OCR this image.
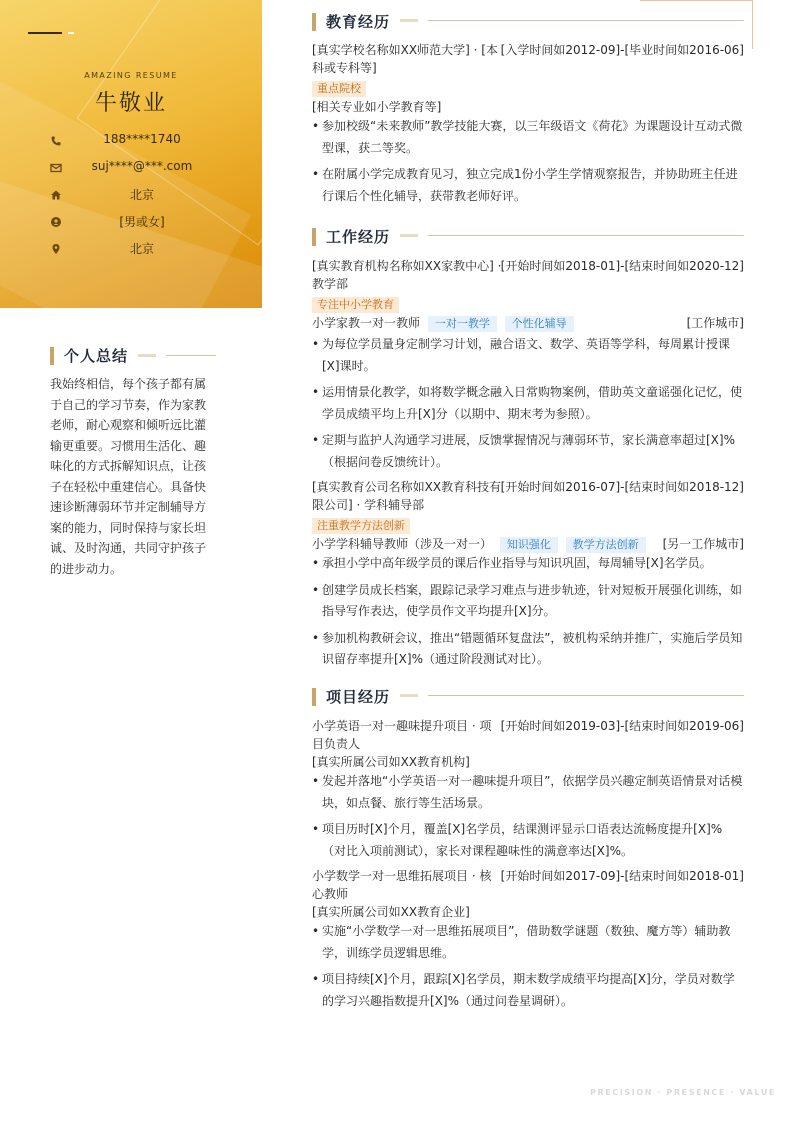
AMAZING RESUME
牛敬业
188****1740
suj****@***.com
北京
[男或女]
北京
个人总结
我始终相信，每个孩子都有属于自己的学习节奏，作为家教老师，耐心观察和倾听远比灌输更重要。习惯用生活化、趣味化的方式拆解知识点，让孩子在轻松中重建信心。具备快速诊断薄弱环节并定制辅导方案的能力，同时保持与家长坦诚、及时沟通，共同守护孩子的进步动力。
教育经历
[真实学校名称如XX师范大学] · [本科或专科等]
[入学时间如2012-09]-[毕业时间如2016-06]
重点院校
[相关专业如小学教育等]
• 参加校级“未来教师”教学技能大赛，以三年级语文《荷花》为课题设计互动式微型课，获二等奖。
• 在附属小学完成教育见习，独立完成1份小学生学情观察报告，并协助班主任进行课后个性化辅导，获带教老师好评。
工作经历
[真实教育机构名称如XX家教中心] · 教学部
[开始时间如2018-01]-[结束时间如2020-12]
专注中小学教育
小学家教一对一教师 一对一教学 个性化辅导	[工作城市]
• 为每位学员量身定制学习计划，融合语文、数学、英语等学科，每周累计授课[X]课时。
• 运用情景化教学，如将数学概念融入日常购物案例，借助英文童谣强化记忆，使学员成绩平均上升[X]分（以期中、期末考为参照）。
• 定期与监护人沟通学习进展，反馈掌握情况与薄弱环节，家长满意率超过[X]%（根据问卷反馈统计）。
[真实教育公司名称如XX教育科技有限公司] · 学科辅导部
[开始时间如2016-07]-[结束时间如2018-12]
注重教学方法创新
小学学科辅导教师（涉及一对一） 知识强化 教学方法创新 [另一工作城市]
• 承担小学中高年级学员的课后作业指导与知识巩固，每周辅导[X]名学员。
• 创建学员成长档案，跟踪记录学习难点与进步轨迹，针对短板开展强化训练，如指导写作表达，使学员作文平均提升[X]分。
• 参加机构教研会议，推出“错题循环复盘法”，被机构采纳并推广，实施后学员知识留存率提升[X]%（通过阶段测试对比）。
项目经历
小学英语一对一趣味提升项目 · 项目负责人
[开始时间如2019-03]-[结束时间如2019-06]
[真实所属公司如XX教育机构]
• 发起并落地“小学英语一对一趣味提升项目”，依据学员兴趣定制英语情景对话模块，如点餐、旅行等生活场景。
• 项目历时[X]个月，覆盖[X]名学员，结课测评显示口语表达流畅度提升[X]%（对比入项前测试），家长对课程趣味性的满意率达[X]%。
小学数学一对一思维拓展项目 · 核心教师
[开始时间如2017-09]-[结束时间如2018-01]
[真实所属公司如XX教育企业]
• 实施“小学数学一对一思维拓展项目”，借助数学谜题（数独、魔方等）辅助教学，训练学员逻辑思维。
• 项目持续[X]个月，跟踪[X]名学员，期末数学成绩平均提高[X]分，学员对数学的学习兴趣指数提升[X]%（通过问卷星调研）。
PRECISION · PRESENCE · VALUE
